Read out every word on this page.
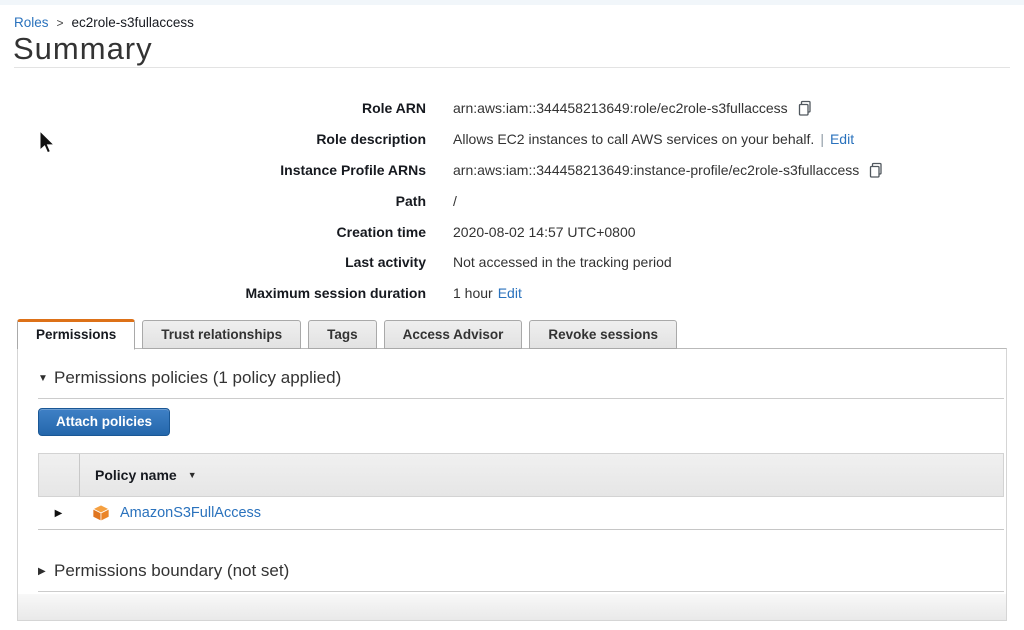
Roles > ec2role-s3fullaccess
Summary
Role ARN arn:aws:iam::344458213649:role/ec2role-s3fullaccess
Role description Allows EC2 instances to call AWS services on your behalf. | Edit
Instance Profile ARNs arn:aws:iam::344458213649:instance-profile/ec2role-s3fullaccess
Path /
Creation time 2020-08-02 14:57 UTC+0800
Last activity Not accessed in the tracking period
Maximum session duration 1 hour Edit
Permissions	Trust relationships	Tags	Access Advisor	Revoke sessions
▼ Permissions policies (1 policy applied)
Attach policies
Policy name ▼
▶	AmazonS3FullAccess
▶ Permissions boundary (not set)
